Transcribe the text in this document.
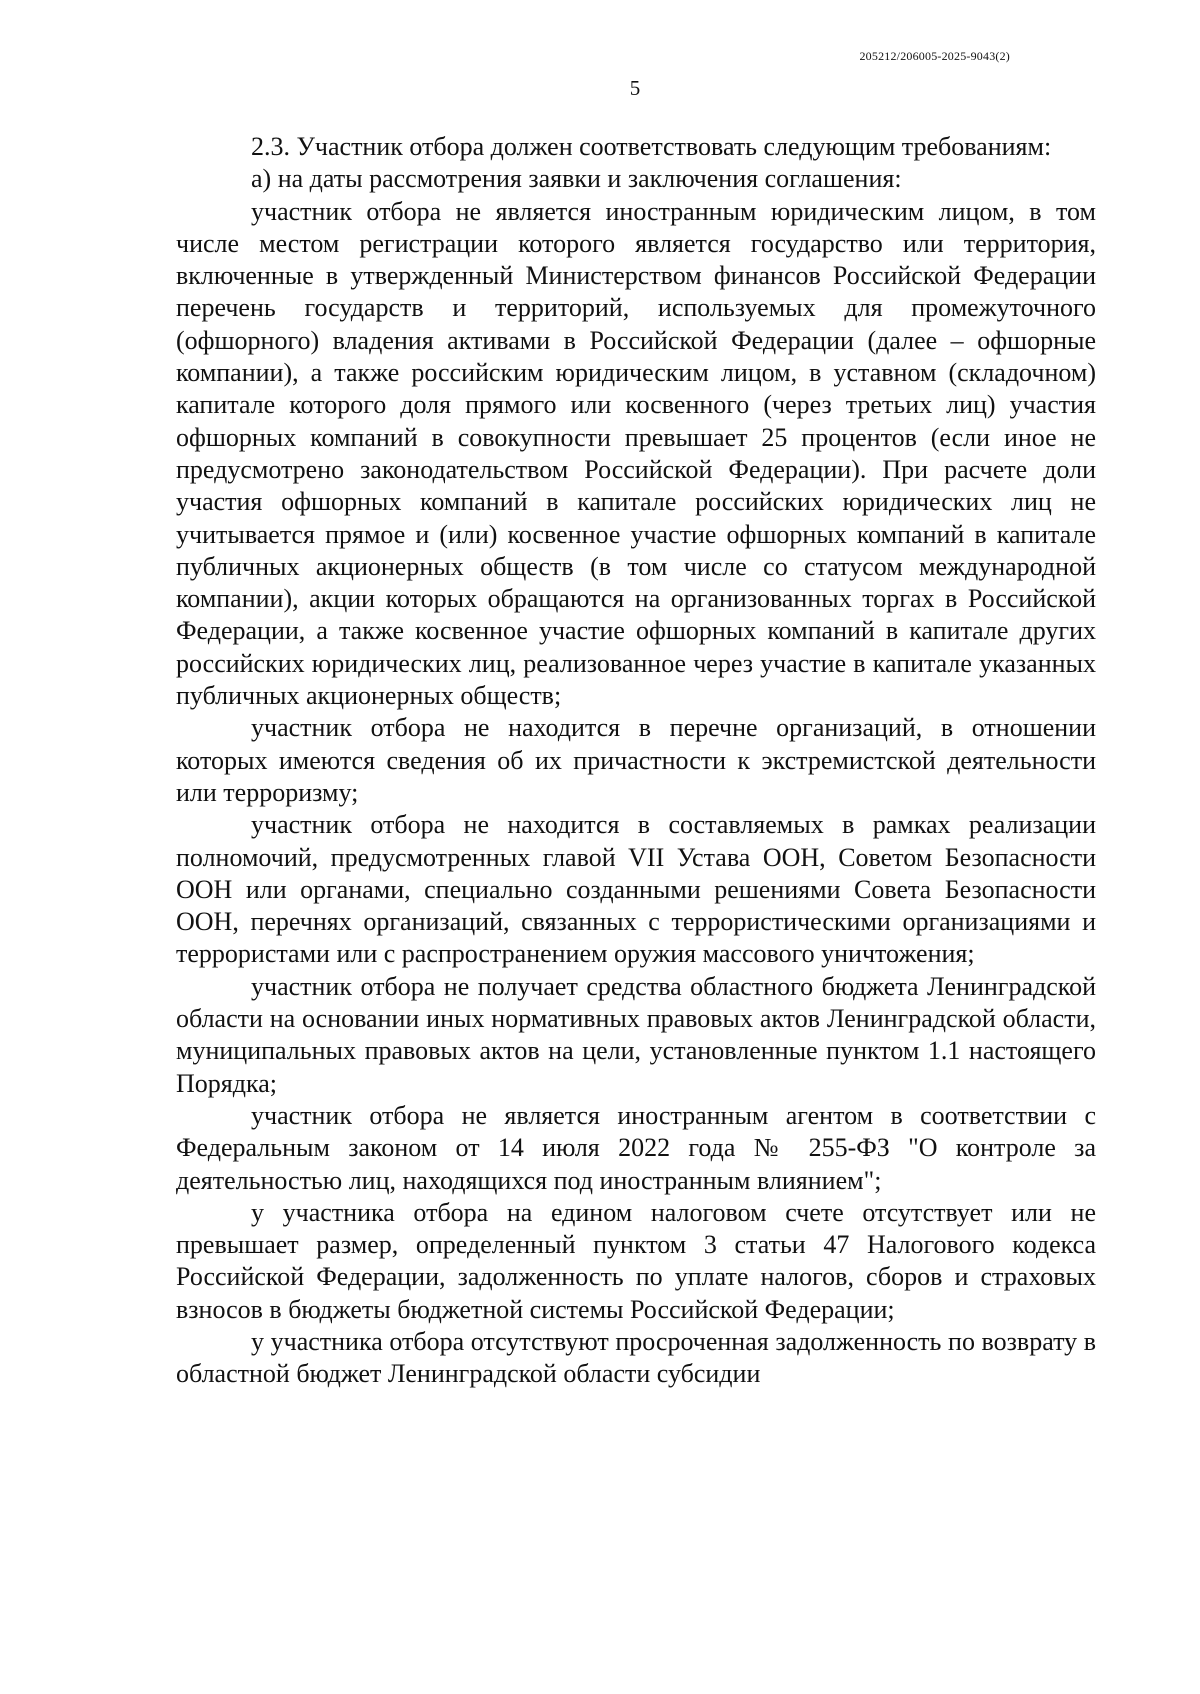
205212/206005-2025-9043(2)
5

2.3. Участник отбора должен соответствовать следующим требованиям:

а) на даты рассмотрения заявки и заключения соглашения:

участник отбора не является иностранным юридическим лицом, в том числе местом регистрации которого является государство или территория, включенные в утвержденный Министерством финансов Российской Федерации перечень государств и территорий, используемых для промежуточного (офшорного) владения активами в Российской Федерации (далее – офшорные компании), а также российским юридическим лицом, в уставном (складочном) капитале которого доля прямого или косвенного (через третьих лиц) участия офшорных компаний в совокупности превышает 25 процентов (если иное не предусмотрено законодательством Российской Федерации). При расчете доли участия офшорных компаний в капитале российских юридических лиц не учитывается прямое и (или) косвенное участие офшорных компаний в капитале публичных акционерных обществ (в том числе со статусом международной компании), акции которых обращаются на организованных торгах в Российской Федерации, а также косвенное участие офшорных компаний в капитале других российских юридических лиц, реализованное через участие в капитале указанных публичных акционерных обществ;

участник отбора не находится в перечне организаций, в отношении которых имеются сведения об их причастности к экстремистской деятельности или терроризму;

участник отбора не находится в составляемых в рамках реализации полномочий, предусмотренных главой VII Устава ООН, Советом Безопасности ООН или органами, специально созданными решениями Совета Безопасности ООН, перечнях организаций, связанных с террористическими организациями и террористами или с распространением оружия массового уничтожения;

участник отбора не получает средства областного бюджета Ленинградской области на основании иных нормативных правовых актов Ленинградской области, муниципальных правовых актов на цели, установленные пунктом 1.1 настоящего Порядка;

участник отбора не является иностранным агентом в соответствии с Федеральным законом от 14 июля 2022 года № 255-ФЗ "О контроле за деятельностью лиц, находящихся под иностранным влиянием";

у участника отбора на едином налоговом счете отсутствует или не превышает размер, определенный пунктом 3 статьи 47 Налогового кодекса Российской Федерации, задолженность по уплате налогов, сборов и страховых взносов в бюджеты бюджетной системы Российской Федерации;

у участника отбора отсутствуют просроченная задолженность по возврату в областной бюджет Ленинградской области субсидии
